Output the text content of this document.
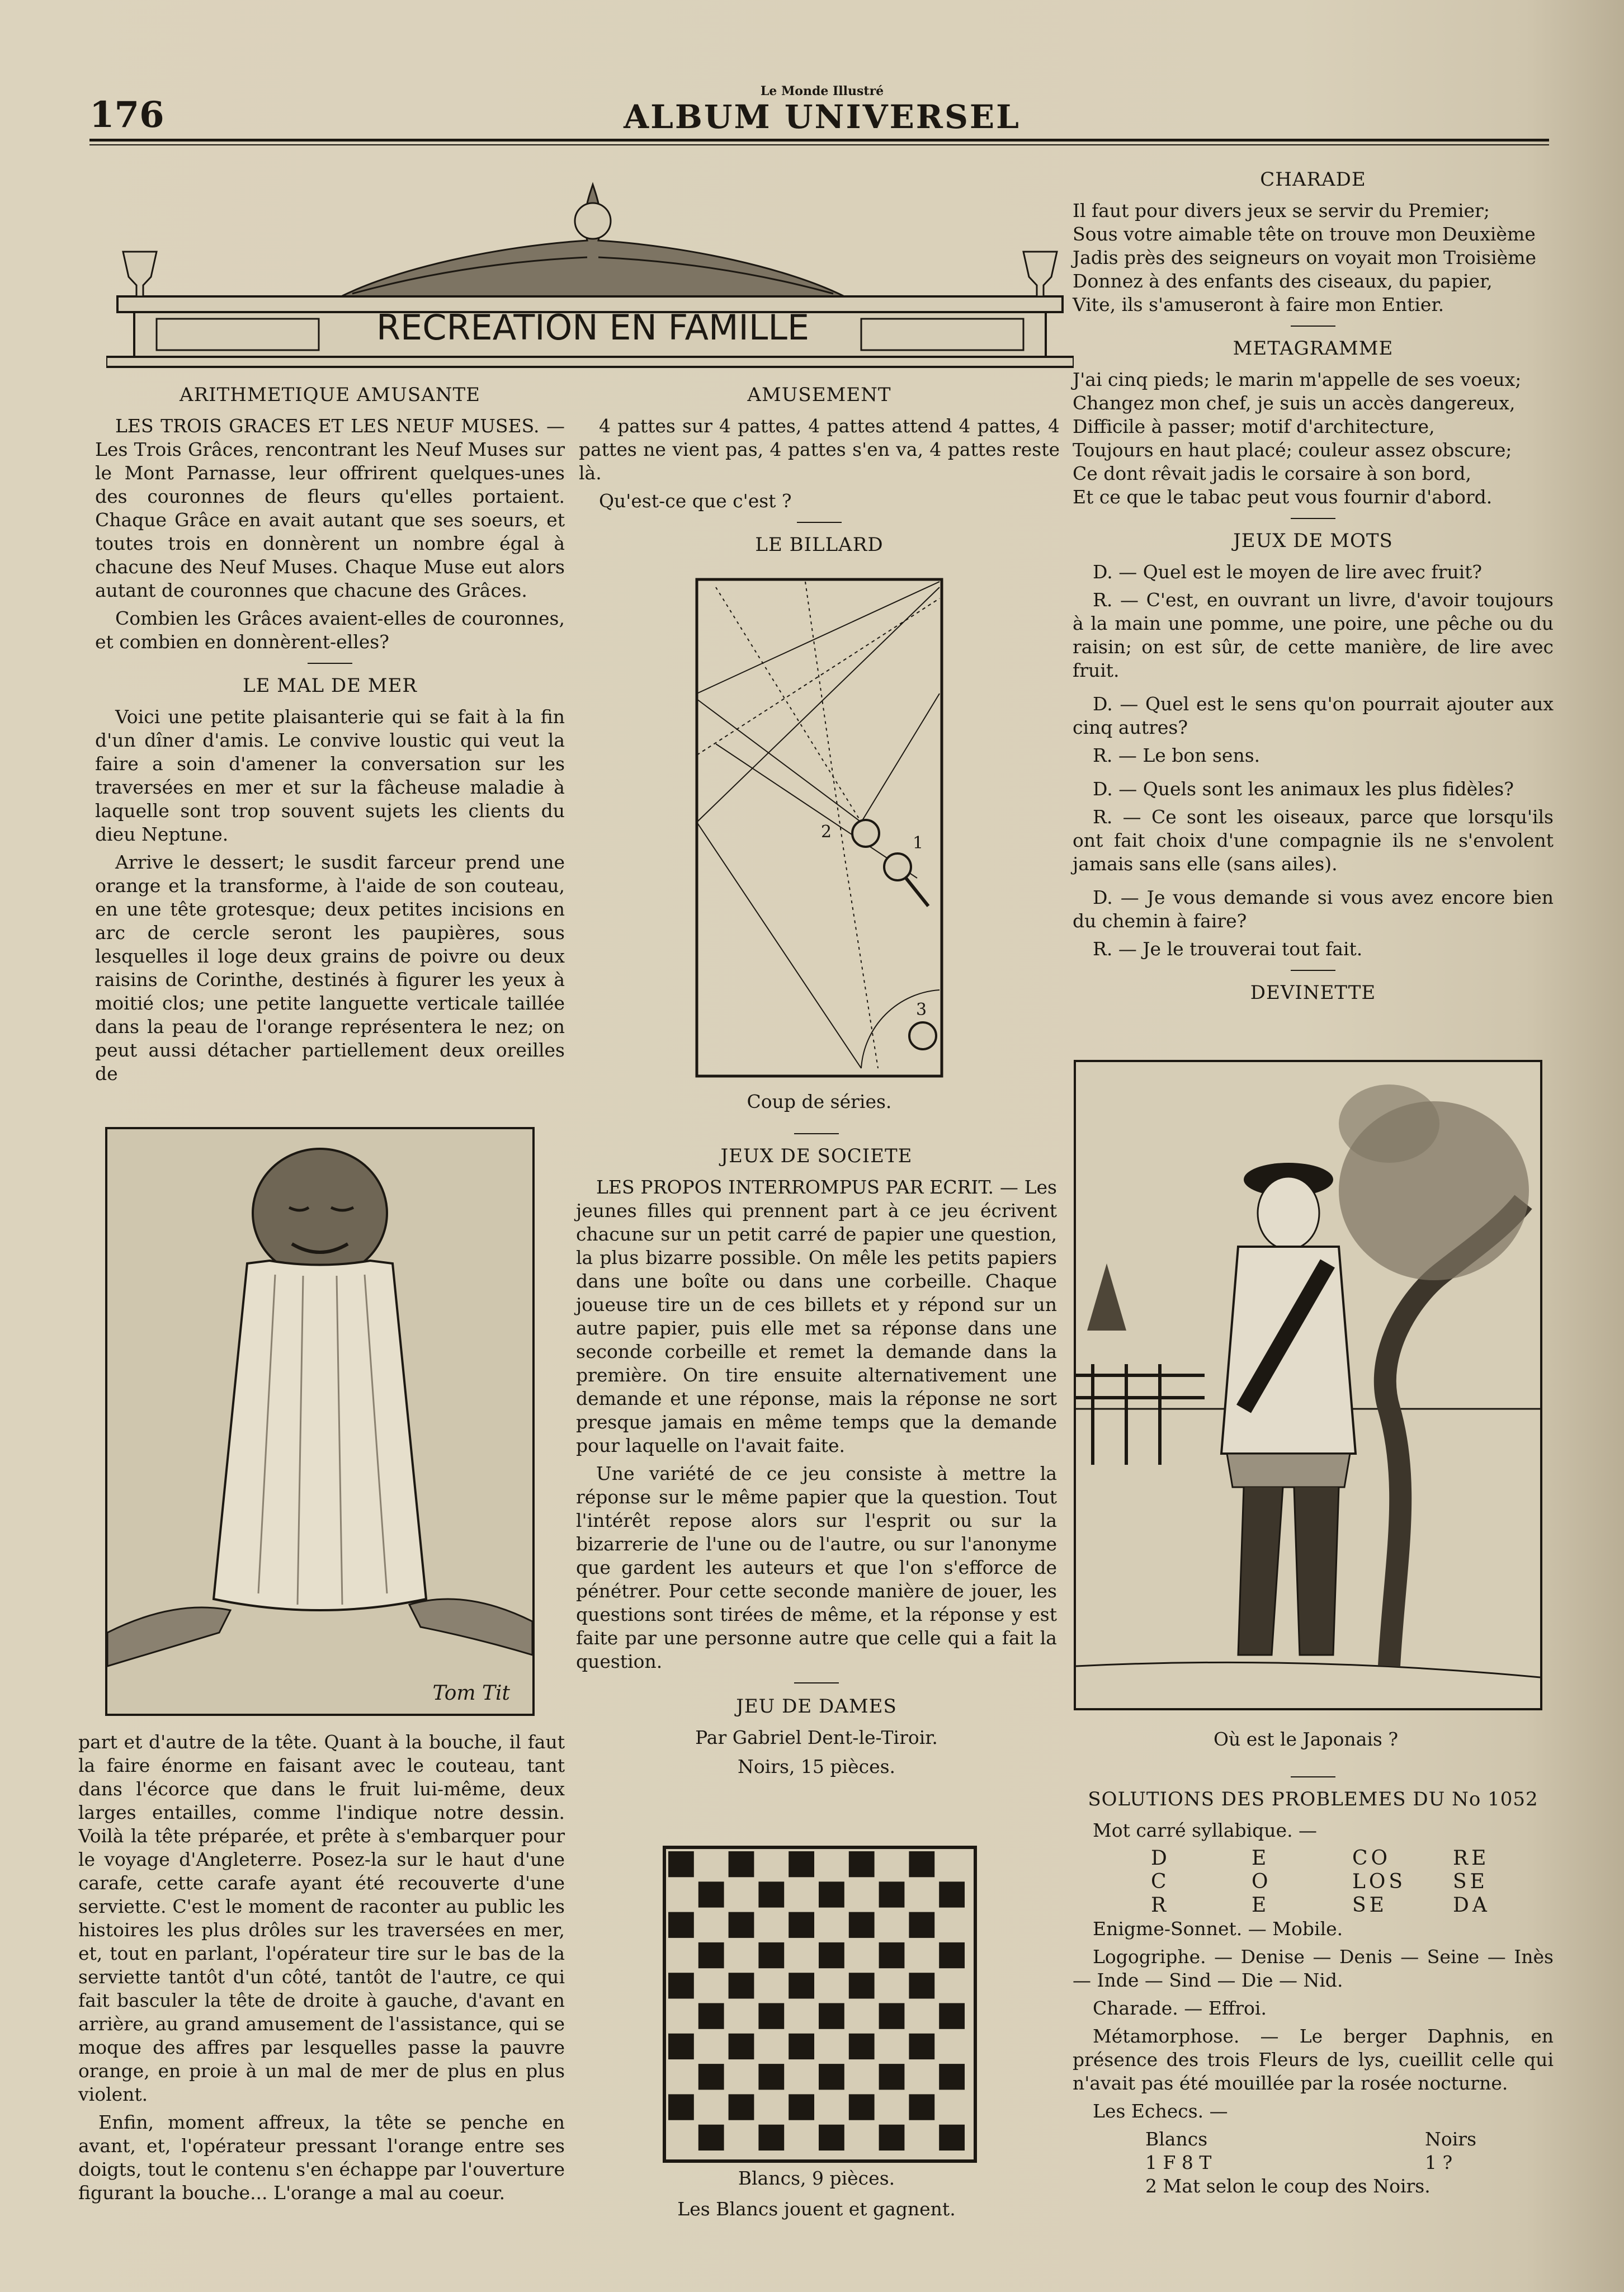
176
Le Monde Illustré
ALBUM UNIVERSEL
RECREATION EN FAMILLE
ARITHMETIQUE AMUSANTE

LES TROIS GRACES ET LES NEUF MUSES. — Les Trois Grâces, rencontrant les Neuf Muses sur le Mont Parnasse, leur offrirent quelques-unes des couronnes de fleurs qu'elles portaient. Chaque Grâce en avait autant que ses soeurs, et toutes trois en donnèrent un nombre égal à chacune des Neuf Muses. Chaque Muse eut alors autant de couronnes que chacune des Grâces.

Combien les Grâces avaient-elles de couronnes, et combien en donnèrent-elles?

LE MAL DE MER

Voici une petite plaisanterie qui se fait à la fin d'un dîner d'amis. Le convive loustic qui veut la faire a soin d'amener la conversation sur les traversées en mer et sur la fâcheuse maladie à laquelle sont trop souvent sujets les clients du dieu Neptune.

Arrive le dessert; le susdit farceur prend une orange et la transforme, à l'aide de son couteau, en une tête grotesque; deux petites incisions en arc de cercle seront les paupières, sous lesquelles il loge deux grains de poivre ou deux raisins de Corinthe, destinés à figurer les yeux à moitié clos; une petite languette verticale taillée dans la peau de l'orange représentera le nez; on peut aussi détacher partiellement deux oreilles de

Tom Tit

part et d'autre de la tête. Quant à la bouche, il faut la faire énorme en faisant avec le couteau, tant dans l'écorce que dans le fruit lui-même, deux larges entailles, comme l'indique notre dessin. Voilà la tête préparée, et prête à s'embarquer pour le voyage d'Angleterre. Posez-la sur le haut d'une carafe, cette carafe ayant été recouverte d'une serviette. C'est le moment de raconter au public les histoires les plus drôles sur les traversées en mer, et, tout en parlant, l'opérateur tire sur le bas de la serviette tantôt d'un côté, tantôt de l'autre, ce qui fait basculer la tête de droite à gauche, d'avant en arrière, au grand amusement de l'assistance, qui se moque des affres par lesquelles passe la pauvre orange, en proie à un mal de mer de plus en plus violent.

Enfin, moment affreux, la tête se penche en avant, et, l'opérateur pressant l'orange entre ses doigts, tout le contenu s'en échappe par l'ouverture figurant la bouche... L'orange a mal au coeur.

AMUSEMENT

4 pattes sur 4 pattes, 4 pattes attend 4 pattes, 4 pattes ne vient pas, 4 pattes s'en va, 4 pattes reste là.

Qu'est-ce que c'est ?

LE BILLARD
2
1
3
Coup de séries.
JEUX DE SOCIETE

LES PROPOS INTERROMPUS PAR ECRIT. — Les jeunes filles qui prennent part à ce jeu écrivent chacune sur un petit carré de papier une question, la plus bizarre possible. On mêle les petits papiers dans une boîte ou dans une corbeille. Chaque joueuse tire un de ces billets et y répond sur un autre papier, puis elle met sa réponse dans une seconde corbeille et remet la demande dans la première. On tire ensuite alternativement une demande et une réponse, mais la réponse ne sort presque jamais en même temps que la demande pour laquelle on l'avait faite.

Une variété de ce jeu consiste à mettre la réponse sur le même papier que la question. Tout l'intérêt repose alors sur l'esprit ou sur la bizarrerie de l'une ou de l'autre, ou sur l'anonyme que gardent les auteurs et que l'on s'efforce de pénétrer. Pour cette seconde manière de jouer, les questions sont tirées de même, et la réponse y est faite par une personne autre que celle qui a fait la question.

JEU DE DAMES
Par Gabriel Dent-le-Tiroir.
Noirs, 15 pièces.
Blancs, 9 pièces.
Les Blancs jouent et gagnent.
CHARADE
Il faut pour divers jeux se servir du Premier;
Sous votre aimable tête on trouve mon Deuxième
Jadis près des seigneurs on voyait mon Troisième
Donnez à des enfants des ciseaux, du papier,
Vite, ils s'amuseront à faire mon Entier.
METAGRAMME
J'ai cinq pieds; le marin m'appelle de ses voeux;
Changez mon chef, je suis un accès dangereux,
Difficile à passer; motif d'architecture,
Toujours en haut placé; couleur assez obscure;
Ce dont rêvait jadis le corsaire à son bord,
Et ce que le tabac peut vous fournir d'abord.
JEUX DE MOTS

D. — Quel est le moyen de lire avec fruit?

R. — C'est, en ouvrant un livre, d'avoir toujours à la main une pomme, une poire, une pêche ou du raisin; on est sûr, de cette manière, de lire avec fruit.

D. — Quel est le sens qu'on pourrait ajouter aux cinq autres?

R. — Le bon sens.

D. — Quels sont les animaux les plus fidèles?

R. — Ce sont les oiseaux, parce que lorsqu'ils ont fait choix d'une compagnie ils ne s'envolent jamais sans elle (sans ailes).

D. — Je vous demande si vous avez encore bien du chemin à faire?

R. — Je le trouverai tout fait.

DEVINETTE
Où est le Japonais ?
SOLUTIONS DES PROBLEMES DU No 1052

Mot carré syllabique. —

D	E	CO	RE
C	O	LOS	SE
R	E	SE	DA

Enigme-Sonnet. — Mobile.

Logogriphe. — Denise — Denis — Seine — Inès — Inde — Sind — Die — Nid.

Charade. — Effroi.

Métamorphose. — Le berger Daphnis, en présence des trois Fleurs de lys, cueillit celle qui n'avait pas été mouillée par la rosée nocturne.

Les Echecs. —

Blancs	Noirs
1 F 8 T	1 ?
2 Mat selon le coup des Noirs.
